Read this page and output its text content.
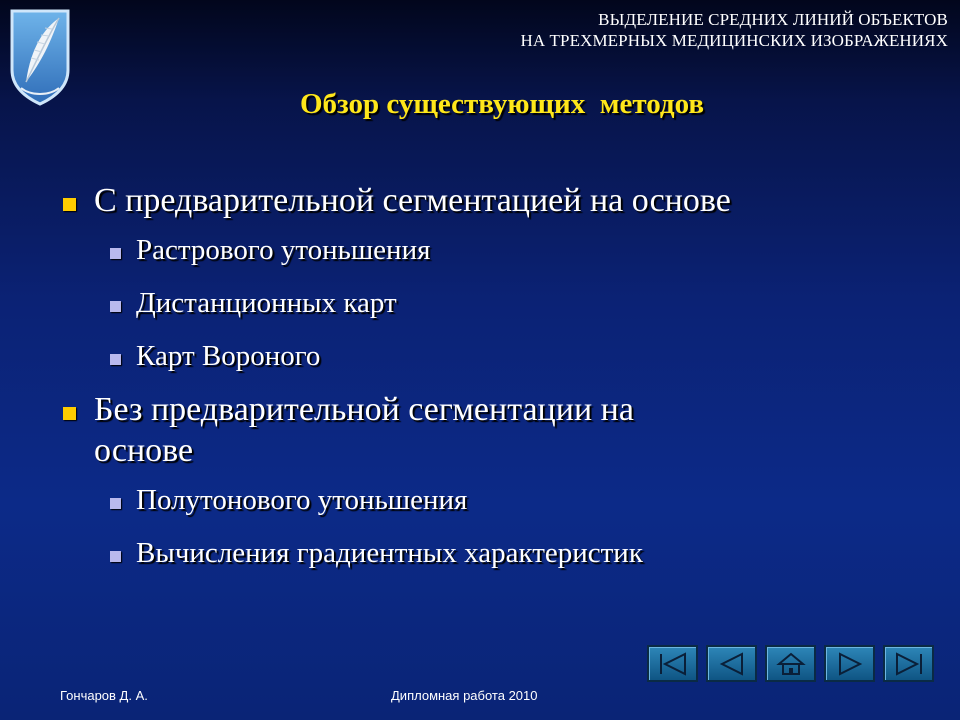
ВЫДЕЛЕНИЕ СРЕДНИХ ЛИНИЙ ОБЪЕКТОВ
НА ТРЕХМЕРНЫХ МЕДИЦИНСКИХ ИЗОБРАЖЕНИЯХ
Обзор существующих  методов
С предварительной сегментацией на основе
Растрового утоньшения
Дистанционных карт
Карт Вороного
Без предварительной сегментации на
основе
Полутонового утоньшения
Вычисления градиентных характеристик
Гончаров Д. А.	Дипломная работа 2010
